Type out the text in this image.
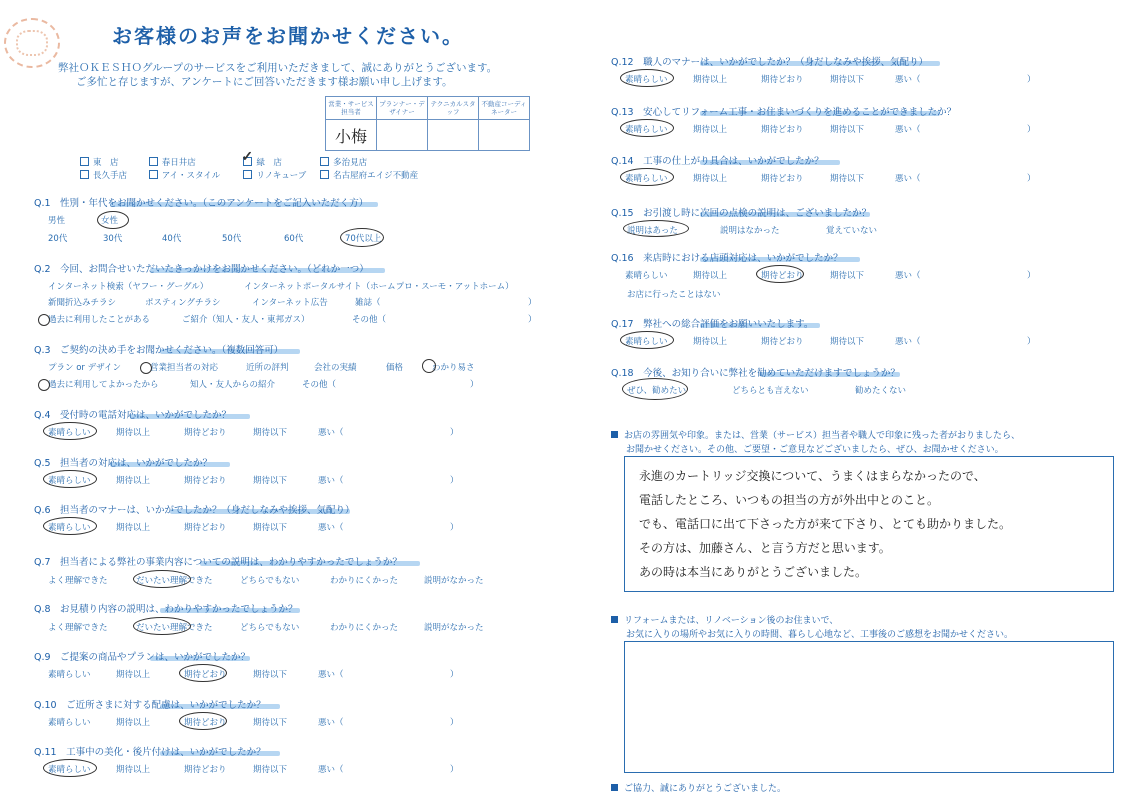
お客様のお声をお聞かせください。
弊社ＯＫＥＳＨＯグループのサービスをご利用いただきまして、誠にありがとうございます。
ご多忙と存じますが、アンケートにご回答いただきます様お願い申し上げます。
営業・サービス担当者	プランナー・デザイナー	テクニカルスタッフ	不動産コーディネーター
小梅			
東　店	春日井店	✓ 緑　店	多治見店
長久手店	アイ・スタイル	リノキューブ	名古屋府エイジ不動産
Q.1　性別・年代をお聞かせください。（このアンケートをご記入いただく方）
男性	女性
20代	30代	40代	50代	60代	70代以上
Q.2　今回、お問合せいただいたきっかけをお聞かせください。（どれか一つ）
インターネット検索（ヤフー・グーグル）	インターネットポータルサイト（ホームプロ・スーモ・アットホーム）
新聞折込みチラシ	ポスティングチラシ	インターネット広告	雑誌（	）
過去に利用したことがある	ご紹介（知人・友人・東邦ガス）	その他（	）
Q.3　ご契約の決め手をお聞かせください。（複数回答可）
プラン or デザイン	営業担当者の対応	近所の評判	会社の実績	価格	わかり易さ
過去に利用してよかったから	知人・友人からの紹介	その他（	）
Q.4　受付時の電話対応は、いかがでしたか？
素晴らしい	期待以上	期待どおり	期待以下	悪い（	）
Q.5　担当者の対応は、いかがでしたか？
素晴らしい	期待以上	期待どおり	期待以下	悪い（	）
Q.6　担当者のマナーは、いかがでしたか？（身だしなみや挨拶、気配り）
素晴らしい	期待以上	期待どおり	期待以下	悪い（	）
Q.9　ご提案の商品やプランは、いかがでしたか？
素晴らしい	期待以上	期待どおり	期待以下	悪い（	）
Q.10　ご近所さまに対する配慮は、いかがでしたか？
素晴らしい	期待以上	期待どおり	期待以下	悪い（	）
Q.11　工事中の美化・後片付けは、いかがでしたか？
素晴らしい	期待以上	期待どおり	期待以下	悪い（	）
Q.7　担当者による弊社の事業内容についての説明は、わかりやすかったでしょうか？
Q.8　お見積り内容の説明は、わかりやすかったでしょうか？
よく理解できた	だいたい理解できた	どちらでもない	わかりにくかった	説明がなかった
よく理解できた	だいたい理解できた	どちらでもない	わかりにくかった	説明がなかった
Q.12　職人のマナーは、いかがでしたか？（身だしなみや挨拶、気配り）
素晴らしい	期待以上	期待どおり	期待以下	悪い（	）
Q.13　安心してリフォーム工事・お住まいづくりを進めることができましたか？
素晴らしい	期待以上	期待どおり	期待以下	悪い（	）
Q.14　工事の仕上がり具合は、いかがでしたか？
素晴らしい	期待以上	期待どおり	期待以下	悪い（	）
Q.16　来店時における店頭対応は、いかがでしたか？
素晴らしい	期待以上	期待どおり	期待以下	悪い（	）
Q.17　弊社への総合評価をお願いいたします。
素晴らしい	期待以上	期待どおり	期待以下	悪い（	）
Q.15　お引渡し時に次回の点検の説明は、ございましたか？
説明はあった	説明はなかった	覚えていない
お店に行ったことはない
Q.18　今後、お知り合いに弊社を勧めていただけますでしょうか？
ぜひ、勧めたい	どちらとも言えない	勧めたくない
お店の雰囲気や印象。または、営業（サービス）担当者や職人で印象に残った者がおりましたら、
お聞かせください。その他、ご要望・ご意見などございましたら、ぜひ、お聞かせください。
永進のカートリッジ交換について、うまくはまらなかったので、
電話したところ、いつもの担当の方が外出中とのこと。
でも、電話口に出て下さった方が来て下さり、とても助かりました。
その方は、加藤さん、と言う方だと思います。
あの時は本当にありがとうございました。
リフォームまたは、リノベーション後のお住まいで、
お気に入りの場所やお気に入りの時間、暮らし心地など、工事後のご感想をお聞かせください。
ご協力、誠にありがとうございました。
